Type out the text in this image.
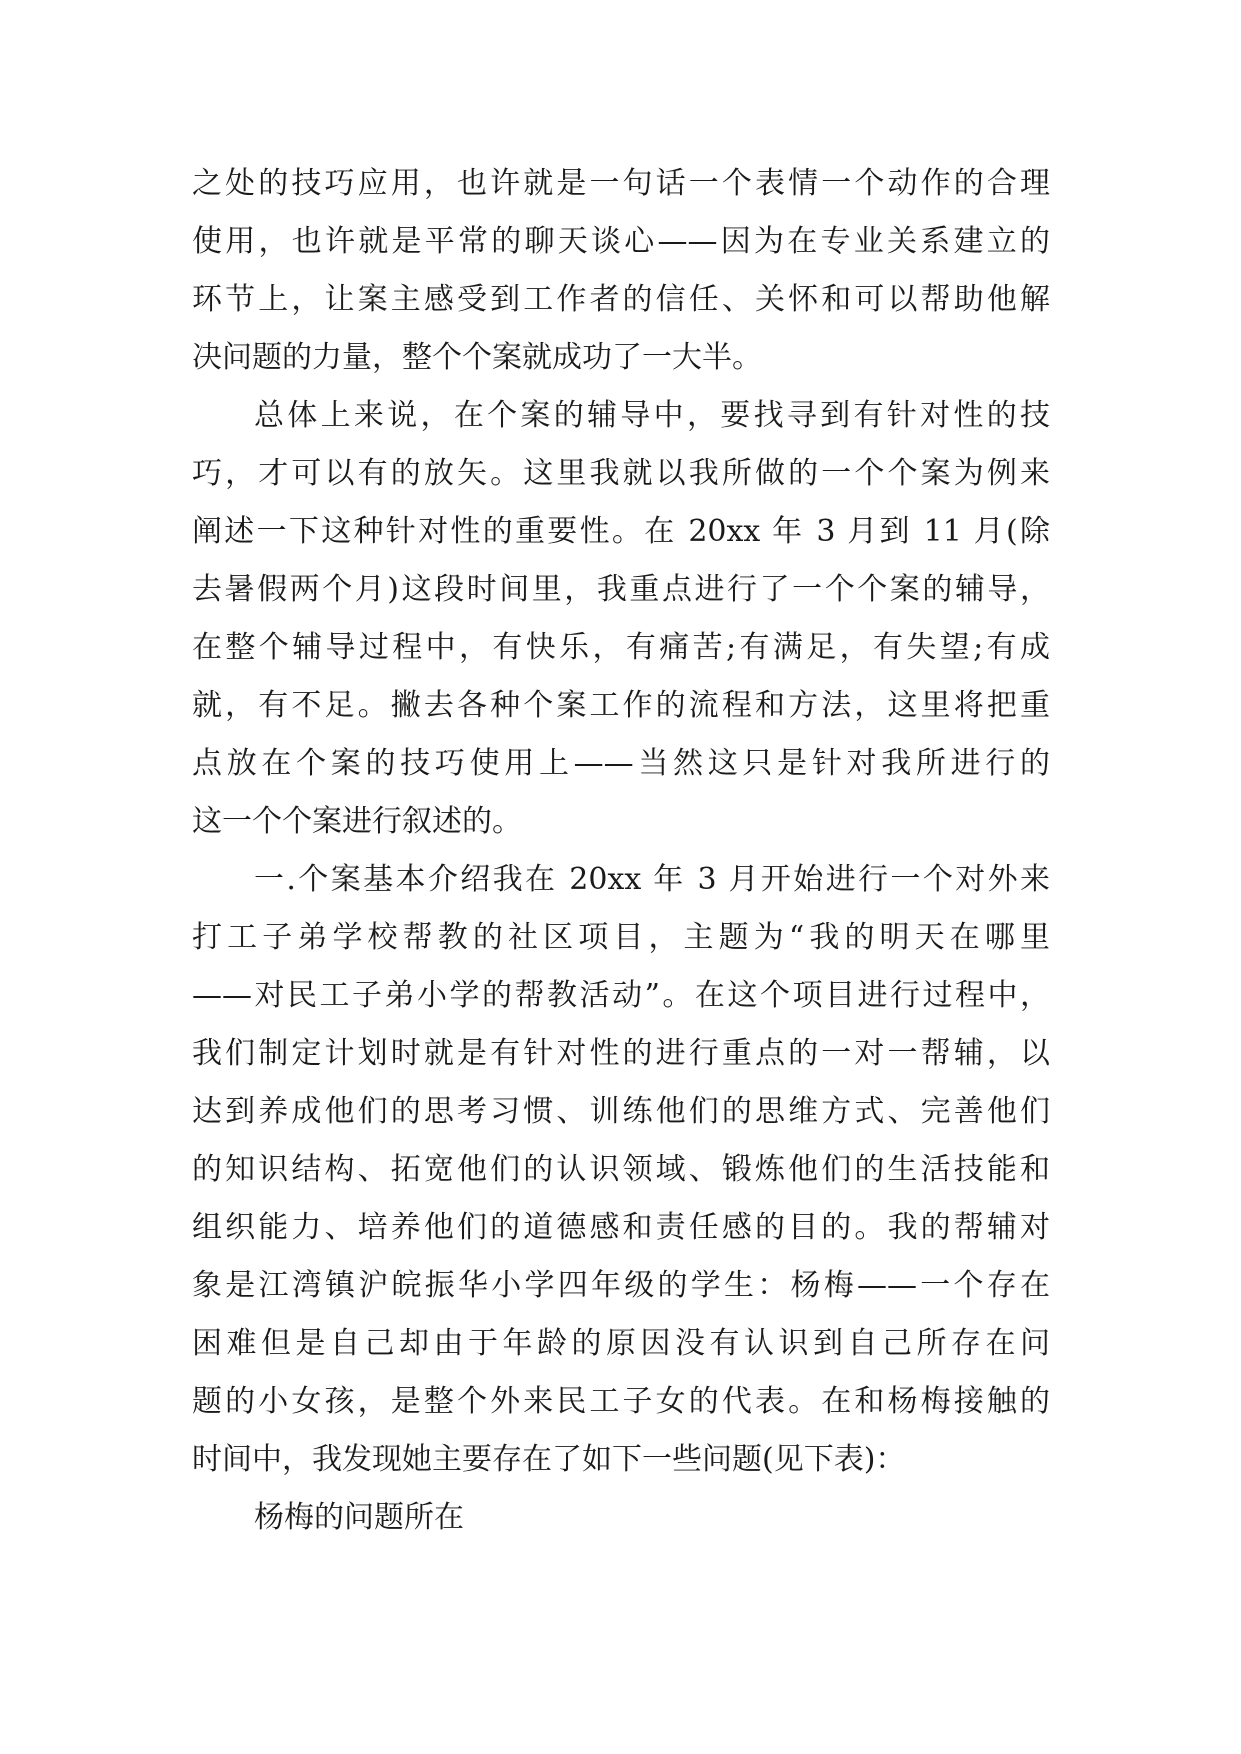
之处的技巧应用，也许就是一句话一个表情一个动作的合理
使用，也许就是平常的聊天谈心——因为在专业关系建立的
环节上，让案主感受到工作者的信任、关怀和可以帮助他解
决问题的力量，整个个案就成功了一大半。
总体上来说，在个案的辅导中，要找寻到有针对性的技
巧，才可以有的放矢。这里我就以我所做的一个个案为例来
阐述一下这种针对性的重要性。在 20xx 年 3 月到 11 月(除
去暑假两个月)这段时间里，我重点进行了一个个案的辅导，
在整个辅导过程中，有快乐，有痛苦;有满足，有失望;有成
就，有不足。撇去各种个案工作的流程和方法，这里将把重
点放在个案的技巧使用上——当然这只是针对我所进行的
这一个个案进行叙述的。
一.个案基本介绍我在 20xx 年 3 月开始进行一个对外来
打工子弟学校帮教的社区项目，主题为“我的明天在哪里
——对民工子弟小学的帮教活动”。在这个项目进行过程中，
我们制定计划时就是有针对性的进行重点的一对一帮辅，以
达到养成他们的思考习惯、训练他们的思维方式、完善他们
的知识结构、拓宽他们的认识领域、锻炼他们的生活技能和
组织能力、培养他们的道德感和责任感的目的。我的帮辅对
象是江湾镇沪皖振华小学四年级的学生：杨梅——一个存在
困难但是自己却由于年龄的原因没有认识到自己所存在问
题的小女孩，是整个外来民工子女的代表。在和杨梅接触的
时间中，我发现她主要存在了如下一些问题(见下表)：
杨梅的问题所在
